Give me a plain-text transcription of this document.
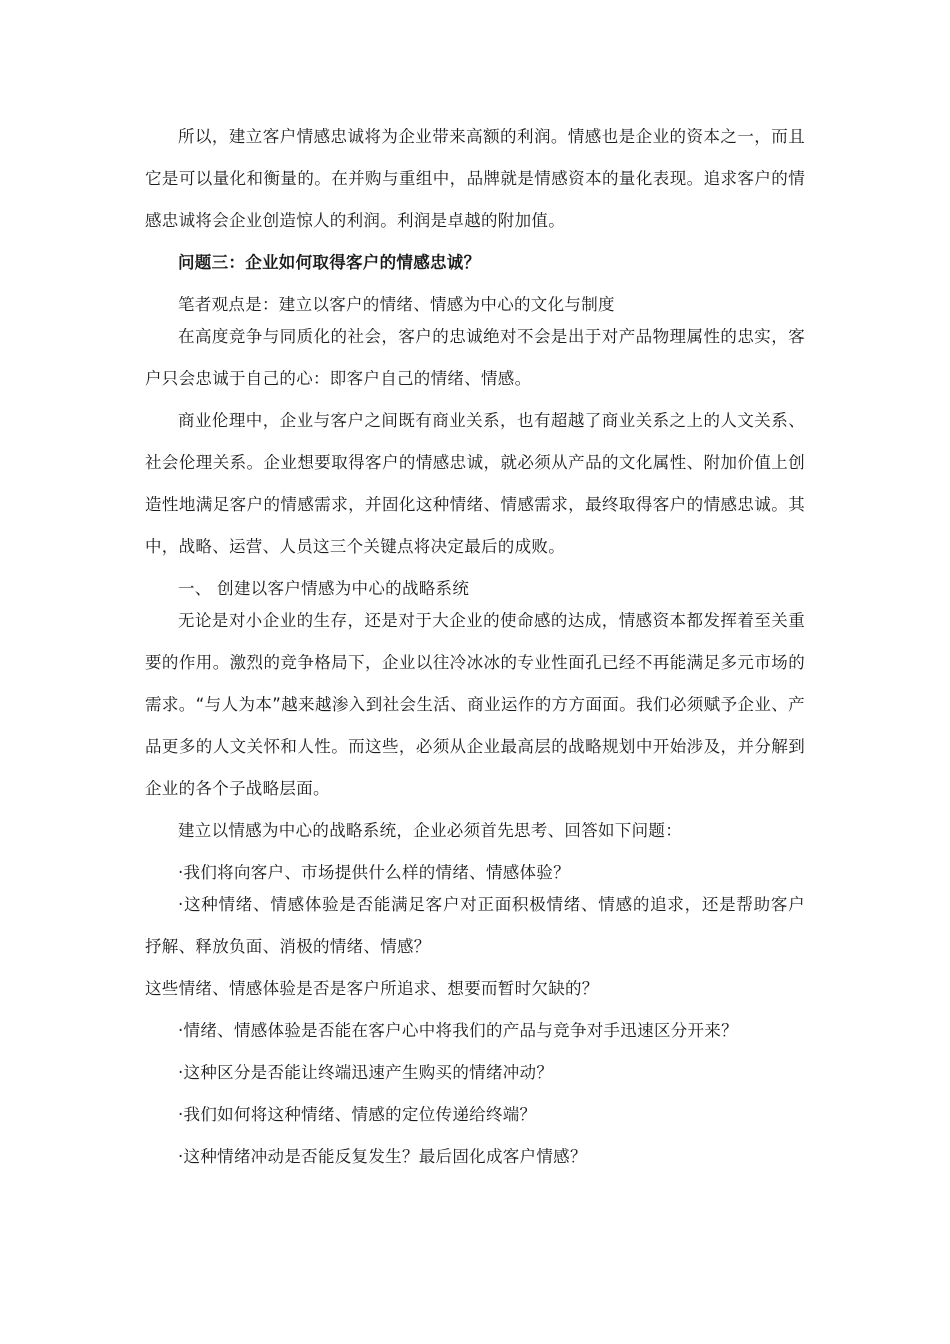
所以，建立客户情感忠诚将为企业带来高额的利润。情感也是企业的资本之一，而且它是可以量化和衡量的。在并购与重组中，品牌就是情感资本的量化表现。追求客户的情感忠诚将会企业创造惊人的利润。利润是卓越的附加值。

问题三：企业如何取得客户的情感忠诚？

笔者观点是：建立以客户的情绪、情感为中心的文化与制度

在高度竞争与同质化的社会，客户的忠诚绝对不会是出于对产品物理属性的忠实，客户只会忠诚于自己的心：即客户自己的情绪、情感。

商业伦理中，企业与客户之间既有商业关系，也有超越了商业关系之上的人文关系、社会伦理关系。企业想要取得客户的情感忠诚，就必须从产品的文化属性、附加价值上创造性地满足客户的情感需求，并固化这种情绪、情感需求，最终取得客户的情感忠诚。其中，战略、运营、人员这三个关键点将决定最后的成败。

一、 创建以客户情感为中心的战略系统

无论是对小企业的生存，还是对于大企业的使命感的达成，情感资本都发挥着至关重要的作用。激烈的竞争格局下，企业以往冷冰冰的专业性面孔已经不再能满足多元市场的需求。“与人为本”越来越渗入到社会生活、商业运作的方方面面。我们必须赋予企业、产品更多的人文关怀和人性。而这些，必须从企业最高层的战略规划中开始涉及，并分解到企业的各个子战略层面。

建立以情感为中心的战略系统，企业必须首先思考、回答如下问题：

·我们将向客户、市场提供什么样的情绪、情感体验？

·这种情绪、情感体验是否能满足客户对正面积极情绪、情感的追求，还是帮助客户抒解、释放负面、消极的情绪、情感？

这些情绪、情感体验是否是客户所追求、想要而暂时欠缺的？

·情绪、情感体验是否能在客户心中将我们的产品与竞争对手迅速区分开来？

·这种区分是否能让终端迅速产生购买的情绪冲动？

·我们如何将这种情绪、情感的定位传递给终端？

·这种情绪冲动是否能反复发生？最后固化成客户情感？
